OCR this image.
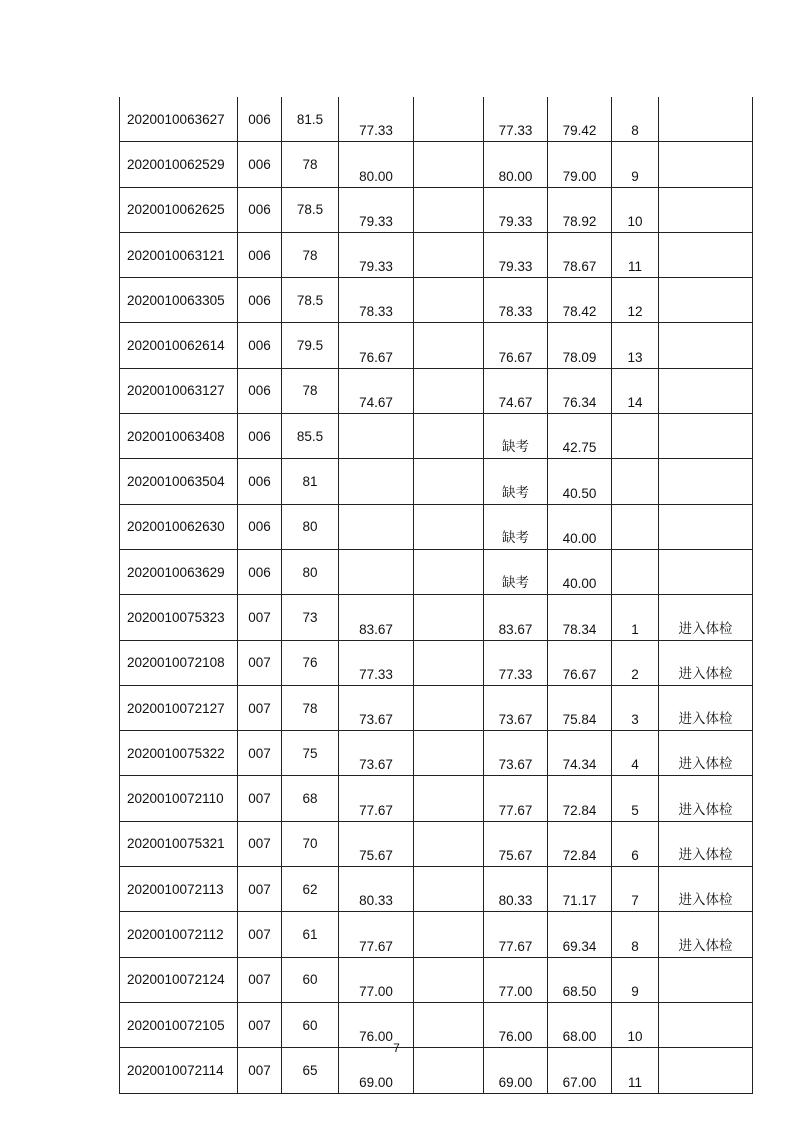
2020010063627	006	81.5	77.33		77.33	79.42	8	
2020010062529	006	78	80.00		80.00	79.00	9	
2020010062625	006	78.5	79.33		79.33	78.92	10	
2020010063121	006	78	79.33		79.33	78.67	11	
2020010063305	006	78.5	78.33		78.33	78.42	12	
2020010062614	006	79.5	76.67		76.67	78.09	13	
2020010063127	006	78	74.67		74.67	76.34	14	
2020010063408	006	85.5			缺考	42.75		
2020010063504	006	81			缺考	40.50		
2020010062630	006	80			缺考	40.00		
2020010063629	006	80			缺考	40.00		
2020010075323	007	73	83.67		83.67	78.34	1	进入体检
2020010072108	007	76	77.33		77.33	76.67	2	进入体检
2020010072127	007	78	73.67		73.67	75.84	3	进入体检
2020010075322	007	75	73.67		73.67	74.34	4	进入体检
2020010072110	007	68	77.67		77.67	72.84	5	进入体检
2020010075321	007	70	75.67		75.67	72.84	6	进入体检
2020010072113	007	62	80.33		80.33	71.17	7	进入体检
2020010072112	007	61	77.67		77.67	69.34	8	进入体检
2020010072124	007	60	77.00		77.00	68.50	9	
2020010072105	007	60	76.00		76.00	68.00	10	
2020010072114	007	65	69.00		69.00	67.00	11	
7
